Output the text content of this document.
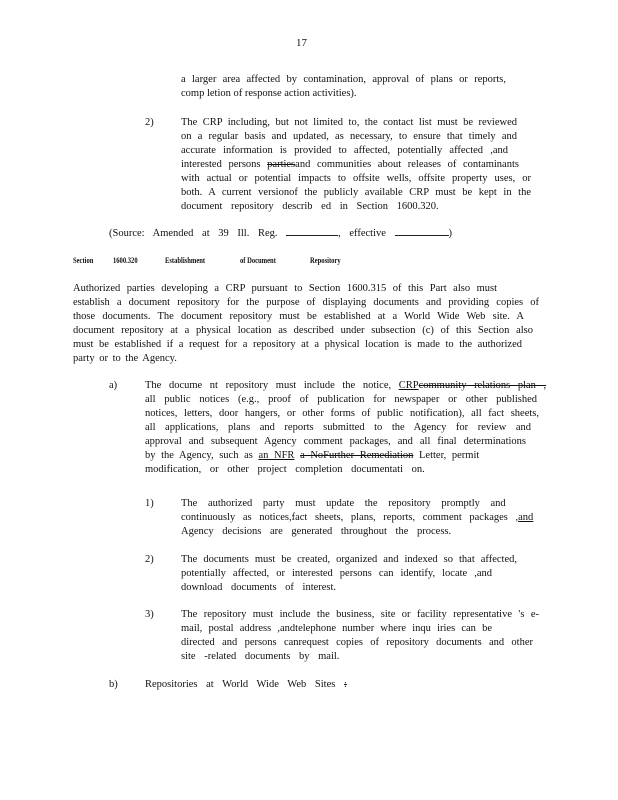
17
a larger area affected by contamination, approval of plans or reports,
comp letion of response action activities).
2)	The CRP including, but not limited to, the contact list must be reviewed
on a regular basis and updated, as necessary, to ensure that timely and
accurate information is provided to affected, potentially affected ,and
interested persons partiesand communities about releases of contaminants
with actual or potential impacts to offsite wells, offsite property uses, or
both. A current versionof the publicly available CRP must be kept in the
document repository describ ed in Section 1600.320.
(Source: Amended at 39 Ill. Reg.	, effective	)
Section 1600.320	Establishment	of Document	Repository
Authorized parties developing a CRP pursuant to Section 1600.315 of this Part also must
establish a document repository for the purpose of displaying documents and providing copies of
those documents. The document repository must be established at a World Wide Web site. A
document repository at a physical location as described under subsection (c) of this Section also
must be established if a request for a repository at a physical location is made to the authorized
party or to the Agency.
a)	The docume nt repository must include the notice, CRPcommunity relations plan ,
all public notices (e.g., proof of publication for newspaper or other published
notices, letters, door hangers, or other forms of public notification), all fact sheets,
all applications, plans and reports submitted to the Agency for review and
approval and subsequent Agency comment packages, and all final determinations
by the Agency, such as an NFR a NoFurther Remediation Letter, permit
modification, or other project completion documentati on.
1)	The authorized party must update the repository promptly and
continuously as notices,fact sheets, plans, reports, comment packages ,and
Agency decisions are generated throughout the process.
2)	The documents must be created, organized and indexed so that affected,
potentially affected, or interested persons can identify, locate ,and
download documents of interest.
3)	The repository must include the business, site or facility representative 's e-
mail, postal address ,andtelephone number where inqu iries can be
directed and persons canrequest copies of repository documents and other
site -related documents by mail.
b)	Repositories at World Wide Web Sites :
